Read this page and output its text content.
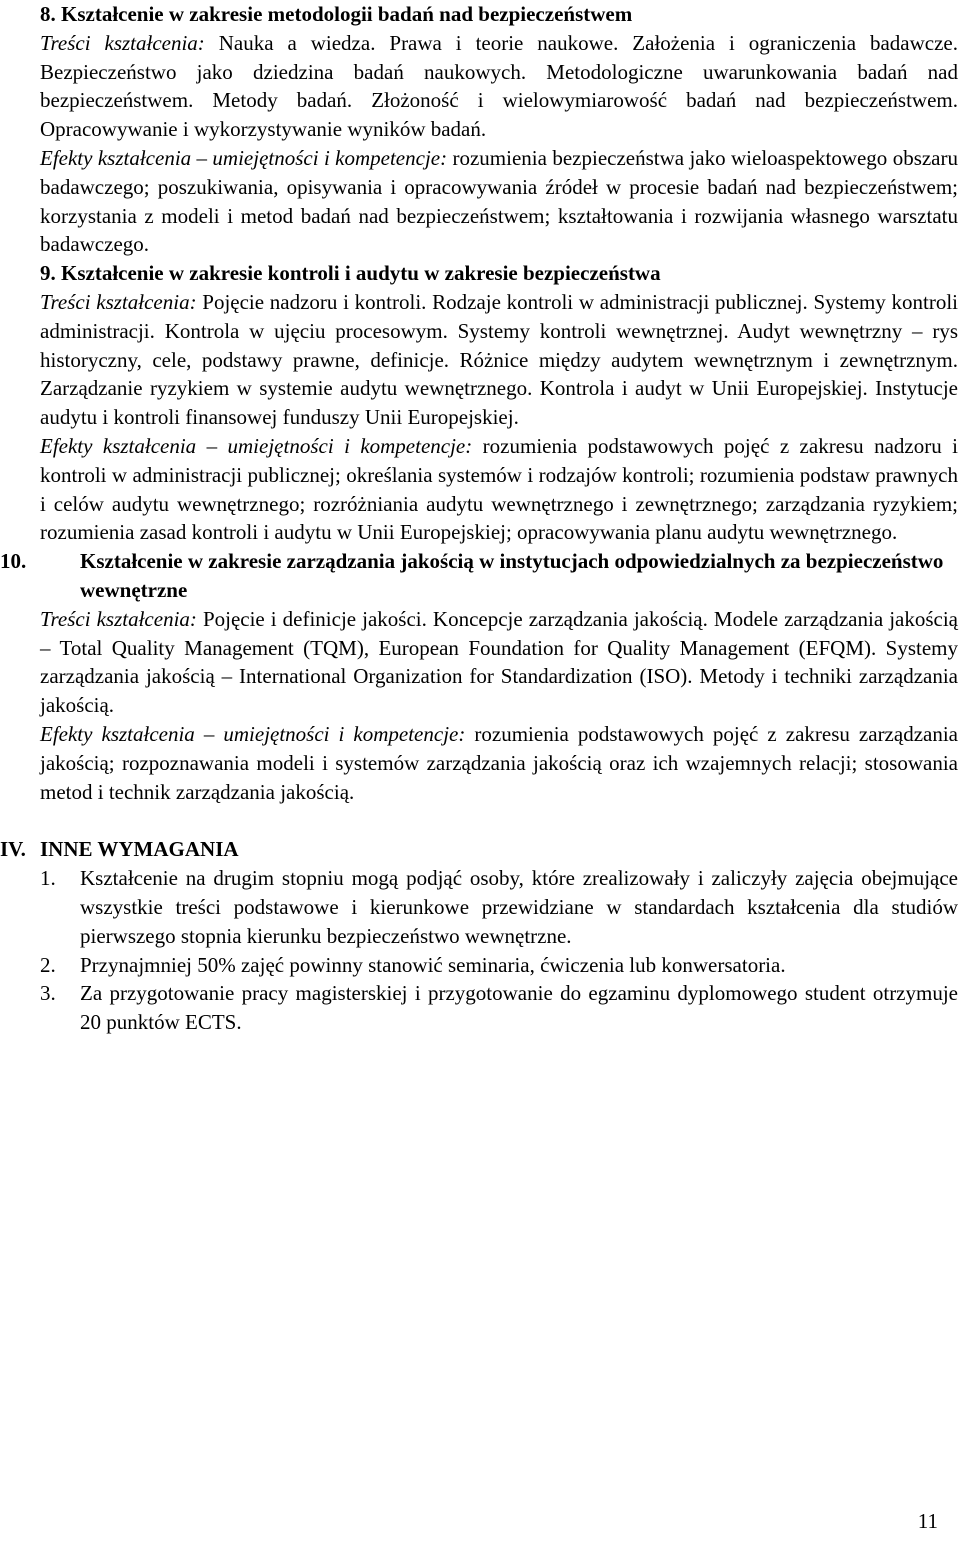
8. Kształcenie w zakresie metodologii badań nad bezpieczeństwem

Treści kształcenia: Nauka a wiedza. Prawa i teorie naukowe. Założenia i ograniczenia badawcze. Bezpieczeństwo jako dziedzina badań naukowych. Metodologiczne uwarunkowania badań nad bezpieczeństwem. Metody badań. Złożoność i wielowymiarowość badań nad bezpieczeństwem. Opracowywanie i wykorzystywanie wyników badań.

Efekty kształcenia – umiejętności i kompetencje: rozumienia bezpieczeństwa jako wieloaspektowego obszaru badawczego; poszukiwania, opisywania i opracowywania źródeł w procesie badań nad bezpieczeństwem; korzystania z modeli i metod badań nad bezpieczeństwem; kształtowania i rozwijania własnego warsztatu badawczego.

9. Kształcenie w zakresie kontroli i audytu w zakresie bezpieczeństwa

Treści kształcenia: Pojęcie nadzoru i kontroli. Rodzaje kontroli w administracji publicznej. Systemy kontroli administracji. Kontrola w ujęciu procesowym. Systemy kontroli wewnętrznej. Audyt wewnętrzny – rys historyczny, cele, podstawy prawne, definicje. Różnice między audytem wewnętrznym i zewnętrznym. Zarządzanie ryzykiem w systemie audytu wewnętrznego. Kontrola i audyt w Unii Europejskiej. Instytucje audytu i kontroli finansowej funduszy Unii Europejskiej.

Efekty kształcenia – umiejętności i kompetencje: rozumienia podstawowych pojęć z zakresu nadzoru i kontroli w administracji publicznej; określania systemów i rodzajów kontroli; rozumienia podstaw prawnych i celów audytu wewnętrznego; rozróżniania audytu wewnętrznego i zewnętrznego; zarządzania ryzykiem; rozumienia zasad kontroli i audytu w Unii Europejskiej; opracowywania planu audytu wewnętrznego.

10.	Kształcenie w zakresie zarządzania jakością w instytucjach odpowiedzialnych za bezpieczeństwo wewnętrzne

Treści kształcenia: Pojęcie i definicje jakości. Koncepcje zarządzania jakością. Modele zarządzania jakością – Total Quality Management (TQM), European Foundation for Quality Management (EFQM). Systemy zarządzania jakością – International Organization for Standardization (ISO). Metody i techniki zarządzania jakością.

Efekty kształcenia – umiejętności i kompetencje: rozumienia podstawowych pojęć z zakresu zarządzania jakością; rozpoznawania modeli i systemów zarządzania jakością oraz ich wzajemnych relacji; stosowania metod i technik zarządzania jakością.

IV. INNE WYMAGANIA

1. Kształcenie na drugim stopniu mogą podjąć osoby, które zrealizowały i zaliczyły zajęcia obejmujące wszystkie treści podstawowe i kierunkowe przewidziane w standardach kształcenia dla studiów pierwszego stopnia kierunku bezpieczeństwo wewnętrzne.
2. Przynajmniej 50% zajęć powinny stanowić seminaria, ćwiczenia lub konwersatoria.
3. Za przygotowanie pracy magisterskiej i przygotowanie do egzaminu dyplomowego student otrzymuje 20 punktów ECTS.
11
